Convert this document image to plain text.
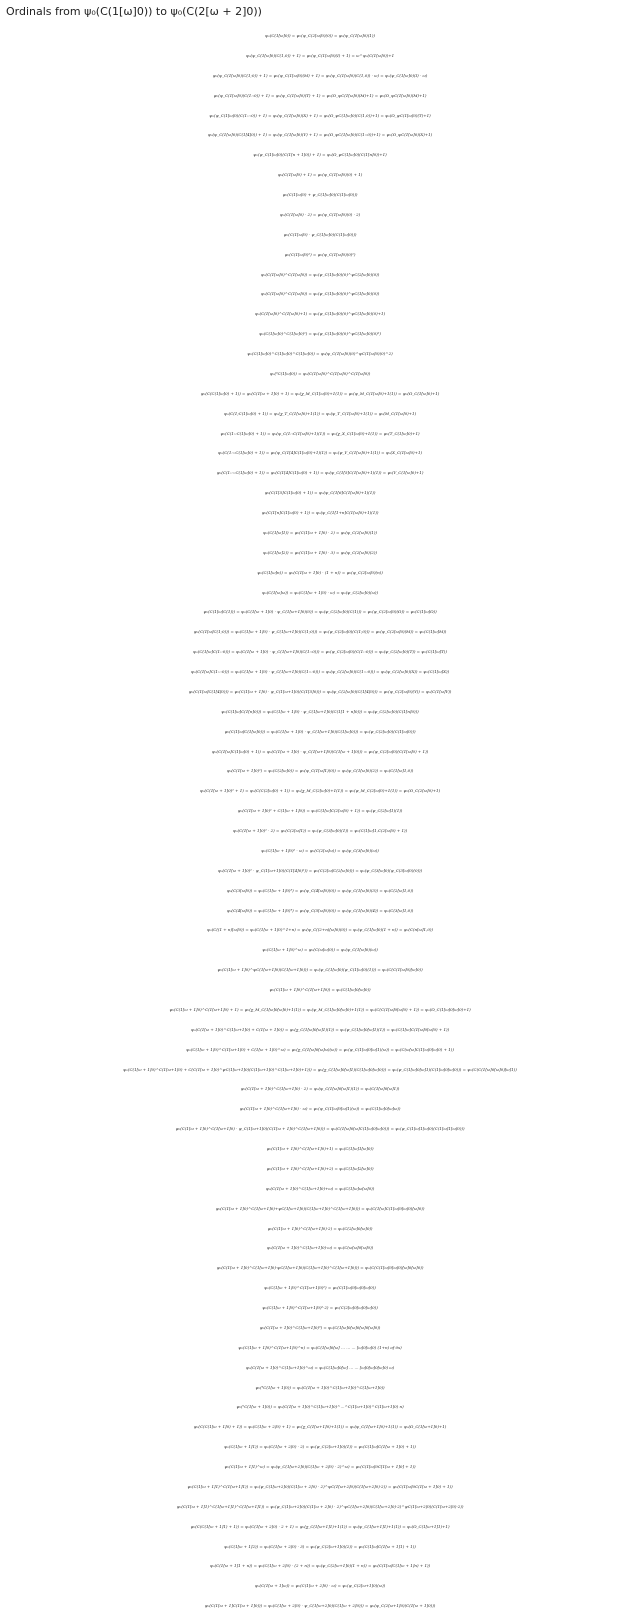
Ordinals from ψ₀(C(1[ω]0)) to ψ₀(C(2[ω + 2]0))
ψ₀(C(1[ω]0)) = ψ₀(ψ_C(2[ω]0)(0)) = ψ₀(ψ_C(1[ω]0)(1))
ψ₀(ψ_C(1[ω]0)(C(1,0)) + 1) = ψ₀(ψ_C(1[ω]0)(I) + 1) = ω^ψ₀(C(1[ω]0))+1
ψ₀(ψ_C(1[ω]0)(C(1;0)) + 1) = ψ₀(ψ_C(1[ω]0)(M) + 1) = ψ₀(ψ_C(1[ω]0)(C(1,0)) · ω) = ψ₀(ψ_C(1[ω]0)(I) · ω)
ψ₀(ψ_C(1[ω]0)(C(1::0)) + 1) = ψ₀(ψ_C(1[ω]0)(T) + 1) = ψ₀(Ω_ψC(1[ω]0)(M)+1) = ψ₀(Ω_ψC(1[ω]0)(M)+1)
ψ₀(ψ_C(1[ω]0)(C(1:::0)) + 1) = ψ₀(ψ_C(1[ω]0)(X) + 1) = ψ₀(Ω_ψC(1[ω]0)(C(1,0))+1) = ψ₀(Ω_ψC(1[ω]0)(T)+1)
ψ₀(ψ_C(1[ω]0)(C(1[4]0)) + 1) = ψ₀(ψ_C(1[ω]0)(Y) + 1) = ψ₀(Ω_ψC(1[ω]0)(C(1::0))+1) = ψ₀(Ω_ψC(1[ω]0)(X)+1)
ψ₀(ψ_C(1[ω]0)(C(1[n + 1]0)) + 1) = ψ₀(Ω_ψC(1[ω]0)(C(1[n]0))+1)
ψ₀(C(1[ω]0) + 1) = ψ₀(ψ_C(1[ω]0)(0) + 1)
ψ₀(C(1[ω]0) + ψ_C(1[ω]0)(C(1[ω]0)))
ψ₀(C(1[ω]0) · 2) = ψ₀(ψ_C(1[ω]0)(0) · 2)
ψ₀(C(1[ω]0) · ψ_C(1[ω]0)(C(1[ω]0)))
ψ₀(C(1[ω]0)²) = ψ₀(ψ_C(1[ω]0)(0)²)
ψ₀(C(1[ω]0)^C(1[ω]0)) = ψ₀(ψ_C(1[ω]0)(0)^ψC(2[ω]0)(0))
ψ₀(C(1[ω]0)^C(1[ω]0)) = ψ₀(ψ_C(1[ω]0)(0)^ψC(1[ω]0)(0))
ψ₀(C(1[ω]0)^C(1[ω]0)+1) = ψ₀(ψ_C(1[ω]0)(0)^ψC(1[ω]0)(0)+1)
ψ₀(C(1[ω]0)^C(1[ω]0)²) = ψ₀(ψ_C(1[ω]0)(0)^ψC(1[ω]0)(0)²)
ψ₀(C(1[ω]0)^C(1[ω]0)^C(1[ω]0)) = ψ₀(ψ_C(1[ω]0)(0)^ψC(1[ω]0)(0)^2)
ψ₀(³C(1[ω]0)) = ψ₀(C(1[ω]0)^C(1[ω]0)^C(1[ω]0))
ψ₀(C(C(1[ω]0) + 1)) = ψ₀(C(1[ω + 1]0) + 1) = ψ₀(χ_M_C(1[ω]0)+1(1)) = ψ₀(ψ_M_C(1[ω]0)+1(1)) = ψ₀(Ω_C(1[ω]0)+1)
ψ₀(C(1;C(1[ω]0) + 1)) = ψ₀(χ_T_C(1[ω]0)+1(1)) = ψ₀(ψ_T_C(1[ω]0)+1(1)) = ψ₀(M_C(1[ω]0)+1)
ψ₀(C(1::C(1[ω]0) + 1)) = ψ₀(ψ_C(1::C(1[ω]0)+1)(1)) = ψ₀(χ_X_C(1[ω]0)+1(1)) = ψ₀(T_C(1[ω]0)+1)
ψ₀(C(1:::C(1[ω]0) + 1)) = ψ₀(ψ_C(1[4]C(1[ω]0)+1)(1)) = ψ₀(ψ_Y_C(1[ω]0)+1(1)) = ψ₀(X_C(1[ω]0)+1)
ψ₀(C(1::::C(1[ω]0) + 1)) = ψ₀(C(1[4]C(1[ω]0) + 1)) = ψ₀(ψ_C(1[5]C(1[ω]0)+1)(1)) = ψ₀(Y_C(1[ω]0)+1)
ψ₀(C(1[5]C(1[ω]0) + 1)) = ψ₀(ψ_C(1[6]C(1[ω]0)+1)(1))
ψ₀(C(1[n]C(1[ω]0) + 1)) = ψ₀(ψ_C(1[1+n]C(1[ω]0)+1)(1))
ψ₀(C(1[ω]1)) = ψ₀(C(1[ω + 1]0) · 2) = ψ₀(ψ_C(2[ω]0)(1))
ψ₀(C(1[ω]2)) = ψ₀(C(1[ω + 1]0) · 3) = ψ₀(ψ_C(2[ω]0)(2))
ψ₀(C(1[ω]n)) = ψ₀(C(1[ω + 1]0) · (1 + n)) = ψ₀(ψ_C(2[ω]0)(n))
ψ₀(C(1[ω]ω)) = ψ₀(C(1[ω + 1]0) · ω) = ψ₀(ψ_C(2[ω]0)(ω))
ψ₀(C(1[ω]C(1))) = ψ₀(C(1[ω + 1]0) · ψ_C(1[ω+1]0)(0)) = ψ₀(ψ_C(2[ω]0)(C(1))) = ψ₀(ψ_C(2[ω]0)(Ω)) = ψ₀(C(1[ω]Ω))
ψ₀(C(1[ω]C(1;0))) = ψ₀(C(1[ω + 1]0) · ψ_C(1[ω+1]0)(C(1;0))) = ψ₀(ψ_C(2[ω]0)(C(1;0))) = ψ₀(ψ_C(2[ω]0)(M)) = ψ₀(C(1[ω]M))
ψ₀(C(1[ω]C(1::0))) = ψ₀(C(1[ω + 1]0) · ψ_C(1[ω+1]0)(C(1::0))) = ψ₀(ψ_C(2[ω]0)(C(1::0))) = ψ₀(ψ_C(2[ω]0)(T)) = ψ₀(C(1[ω]T))
ψ₀(C(1[ω]C(1:::0))) = ψ₀(C(1[ω + 1]0) · ψ_C(1[ω+1]0)(C(1:::0))) = ψ₀(ψ_C(2[ω]0)(C(1:::0))) = ψ₀(ψ_C(2[ω]0)(X)) = ψ₀(C(1[ω]X))
ψ₀(C(1[ω]C(1[4]0))) = ψ₀(C(1[ω + 1]0) · ψ_C(1[ω+1]0)(C(1[5]0))) = ψ₀(ψ_C(2[ω]0)(C(1[4]0))) = ψ₀(ψ_C(2[ω]0)(Y)) = ψ₀(C(1[ω]Y))
ψ₀(C(1[ω]C(1[n]0))) = ψ₀(C(1[ω + 1]0) · ψ_C(1[ω+1]0)(C(1[1 + n]0))) = ψ₀(ψ_C(2[ω]0)(C(1[n]0)))
ψ₀(C(1[ω]C(1[ω]0))) = ψ₀(C(1[ω + 1]0) · ψ_C(1[ω+1]0)(C(1[ω]0))) = ψ₀(ψ_C(2[ω]0)(C(1[ω]0)))
ψ₀(C(1[ω]C(1[ω]0) + 1)) = ψ₀(C(1[ω + 1]0) · ψ_C(1[ω+1]0)(C(1[ω + 1]0))) = ψ₀(ψ_C(2[ω]0)(C(1[ω]0) + 1))
ψ₀(C(1[ω + 1]0)²) = ψ₀(C(2[ω]0)) = ψ₀(ψ_C(1[ω]1)(0)) = ψ₀(ψ_C(1[ω]0)(2)) = ψ₀(C(1[ω]1,0))
ψ₀(C(1[ω + 1]0)² + 1) = ψ₀(C(C(2[ω]0) + 1)) = ψ₀(χ_M_C(2[ω]0)+1(1)) = ψ₀(ψ_M_C(2[ω]0)+1(1)) = ψ₀(Ω_C(2[ω]0)+1)
ψ₀(C(1[ω + 1]0)² + C(1[ω + 1]0)) = ψ₀(C(1[ω]C(2[ω]0) + 1)) = ψ₀(ψ_C(2[ω]1)(1))
ψ₀(C(1[ω + 1]0)² · 2) = ψ₀(C(2[ω]1)) = ψ₀(ψ_C(3[ω]0)(1)) = ψ₀(C(1[ω]1,C(2[ω]0) + 1))
ψ₀(C(1[ω + 1]0)² · ω) = ψ₀(C(2[ω]ω)) = ψ₀(ψ_C(3[ω]0)(ω))
ψ₀(C(1[ω + 1]0)² · ψ_C(1[ω+1]0)(C(1[4]0)²)) = ψ₀(C(2[ω]C(2[ω]0))) = ψ₀(ψ_C(3[ω]0)(ψ_C(3[ω]0)(0)))
ψ₀(C(3[ω]0)) = ψ₀(C(1[ω + 1]0)³) = ψ₀(ψ_C(4[ω]0)(0)) = ψ₀(ψ_C(1[ω]0)(3)) = ψ₀(C(2[ω]1,0))
ψ₀(C(4[ω]0)) = ψ₀(C(1[ω + 1]0)⁴) = ψ₀(ψ_C(5[ω]0)(0)) = ψ₀(ψ_C(1[ω]0)(4)) = ψ₀(C(3[ω]1,0))
ψ₀(C((1 + n)[ω]0)) = ψ₀(C(1[ω + 1]0)^1+n) = ψ₀(ψ_C((2+n)[ω]0)(0)) = ψ₀(ψ_C(1[ω]0)(1 + n)) = ψ₀(C(n[ω]1,0))
ψ₀(C(1[ω + 1]0)^ω) = ψ₀(C(ω[ω]0)) = ψ₀(ψ_C(1[ω]0)(ω))
ψ₀(C(1[ω + 1]0)^ψC(1[ω+1]0)(C(1[ω+1]0))) = ψ₀(ψ_C(1[ω]0)(ψ_C(1[ω]0)(1))) = ψ₀(C(C(1[ω]0)[ω]0))
ψ₀(C(1[ω + 1]0)^C(1[ω+1]0)) = ψ₀(C(1[ω]0[ω]0))
ψ₀(C(1[ω + 1]0)^C(1[ω+1]0) + 1) = ψ₀(χ_M_C(1[ω]0[ω]0)+1(1)) = ψ₀(ψ_M_C(1[ω]0[ω]0)+1(1)) = ψ₀(C(C(1[ω]0[ω]0) + 1)) = ψ₀(Ω_C(1[ω]0[ω]0)+1)
ψ₀(C(1[ω + 1]0)^C(1[ω+1]0) + C(1[ω + 1]0)) = ψ₀(χ_C(1[ω]0[ω]1)(1)) = ψ₀(ψ_C(1[ω]0[ω]1)(1)) = ψ₀(C(1[ω]C(1[ω]0[ω]0) + 1))
ψ₀(C(1[ω + 1]0)^C(1[ω+1]0) + C(1[ω + 1]0)^ω) = ψ₀(χ_C(1[ω]0[ω]ω)(ω)) = ψ₀(ψ_C(1[ω]0[ω]1)(ω)) = ψ₀(C(ω[ω]C(1[ω]0[ω]0) + 1))
ψ₀(C(1[ω + 1]0)^C(1[ω+1]0) + C(C(1[ω + 1]0)^ψC(1[ω+1]0)(C(1[ω+1]0)^C(1[ω+1]0)+1))) = ψ₀(χ_C(1[ω]0[ω]1)(C(1[ω]0[ω]0))) = ψ₀(ψ_C(1[ω]0[ω]1)(C(1[ω]0[ω]0))) = ψ₀(C(C(1[ω]0[ω]0)[ω]1))
ψ₀(C(1[ω + 1]0)^C(1[ω+1]0) · 2) = ψ₀(ψ_C(1[ω]0[ω]1)(1)) = ψ₀(C(1[ω]0[ω]1))
ψ₀(C(1[ω + 1]0)^C(1[ω+1]0) · ω) = ψ₀(ψ_C(1[ω]0[ω]1)(ω)) = ψ₀(C(1[ω]0[ω]ω))
ψ₀(C(1[ω + 1]0)^C(1[ω+1]0) · ψ_C(1[ω+1]0)(C(1[ω + 1]0)^C(1[ω+1]0))) = ψ₀(C(1[ω]0[ω]C(1[ω]0[ω]0))) = ψ₀(ψ_C(1[ω]1[ω]0)(C(1[ω]1[ω]0)))
ψ₀(C(1[ω + 1]0)^C(1[ω+1]0)+1) = ψ₀(C(1[ω]1[ω]0))
ψ₀(C(1[ω + 1]0)^C(1[ω+1]0)+2) = ψ₀(C(1[ω]2[ω]0))
ψ₀(C(1[ω + 1]0)^C(1[ω+1]0)+ω) = ψ₀(C(1[ω]ω[ω]0))
ψ₀(C(1[ω + 1]0)^C(1[ω+1]0)+ψC(1[ω+1]0)(C(1[ω+1]0)^C(1[ω+1]0))) = ψ₀(C(1[ω]C(1[ω]0[ω]0)[ω]0))
ψ₀(C(1[ω + 1]0)^C(1[ω+1]0)·2) = ψ₀(C(2[ω]0[ω]0))
ψ₀(C(1[ω + 1]0)^C(1[ω+1]0)·ω) = ψ₀(C(ω[ω]0[ω]0))
ψ₀(C(1[ω + 1]0)^C(1[ω+1]0)·ψC(1[ω+1]0)(C(1[ω+1]0)^C(1[ω+1]0))) = ψ₀(C(C(1[ω]0[ω]0)[ω]0[ω]0))
ψ₀(C(1[ω + 1]0)^C(1[ω+1]0)²) = ψ₀(C(1[ω]0[ω]0[ω]0))
ψ₀(C(1[ω + 1]0)^C(1[ω+1]0)²·2) = ψ₀(C(2[ω]0[ω]0[ω]0))
ψ₀(C(1[ω + 1]0)^C(1[ω+1]0)³) = ψ₀(C(1[ω]0[ω]0[ω]0[ω]0))
ψ₀(C(1[ω + 1]0)^C(1[ω+1]0)^n) = ψ₀(C(1[ω]0[ω] … … … [ω]0[ω]0) (1+n) of 0s)
ψ₀(C(1[ω + 1]0)^C(1[ω+1]0)^ω) = ψ₀(C(1[ω]0[ω] … … [ω]0[ω]0[ω]0) ω)
ψ₀(³C(1[ω + 1]0)) = ψ₀(C(1[ω + 1]0)^C(1[ω+1]0)^C(1[ω+1]0))
ψ₀(ⁿC(1[ω + 1]0)) = ψ₀(C(1[ω + 1]0)^C(1[ω+1]0)^…^C(1[ω+1]0)^C(1[ω+1]0) n)
ψ₀(C(C(1[ω + 1]0) + 1)) = ψ₀(C(1[ω + 2]0) + 1) = ψ₀(χ_C(1[ω+1]0)+1(1)) = ψ₀(ψ_C(1[ω+1]0)+1(1)) = ψ₀(Ω_C(1[ω+1]0)+1)
ψ₀(C(1[ω + 1]1)) = ψ₀(C(1[ω + 2]0) · 2) = ψ₀(ψ_C(2[ω+1]0)(1)) = ψ₀(C(1[ω]C(1[ω + 1]0) + 1))
ψ₀(C(1[ω + 1]1)^ω) = ψ₀(ψ_C(1[ω+2]0)(C(1[ω + 2]0) · 2)^ω) = ψ₀(C(1[ω]0C[1[ω + 1]0] + 1))
ψ₀(C(1[ω + 1]1)^C(1[ω+1]1)) = ψ₀(ψ_C(1[ω+2]0)(C(1[ω + 2]0) · 2)^ψC(1[ω+2]0)(C(1[ω+2]0)·2)) = ψ₀(C(1[ω]0C(1[ω + 1]0) + 1))
ψ₀(C(1[ω + 1]1)^C(1[ω+1]1)^C(1[ω+1]1)) = ψ₀(ψ_C(1[ω+2]0)(C(1[ω + 2]0) · 2)^ψC(1[ω+2]0)(C(1[ω+2]0)·2)^ψC(1[ω+2]0)(C(1[ω+2]0)·2))
ψ₀(C(C(1[ω + 1]1) + 1)) = ψ₀(C(1[ω + 2]0) · 2 + 1) = ψ₀(χ_C(1[ω+1]1)+1(1)) = ψ₀(ψ_C(1[ω+1]1)+1(1)) = ψ₀(Ω_C(1[ω+1]1)+1)
ψ₀(C(1[ω + 1]2)) = ψ₀(C(1[ω + 2]0) · 3) = ψ₀(ψ_C(2[ω+1]0)(2)) = ψ₀(C(1[ω]C(1[ω + 1]1) + 1))
ψ₀(C(1[ω + 1]1 + n)) = ψ₀(C(1[ω + 2]0) · (2 + n)) = ψ₀(ψ_C(2[ω+1]0)(1 + n)) = ψ₀(C(1[ω]C(1[ω + 1]n) + 1))
ψ₀(C(1[ω + 1]ω)) = ψ₀(C(1[ω + 2]0) · ω) = ψ₀(ψ_C(2[ω+1]0)(ω))
ψ₀(C(1[ω + 1]C(1[ω + 1]0))) = ψ₀(C(1[ω + 2]0) · ψ_C(1[ω+2]0)(C(1[ω + 2]0))) = ψ₀(ψ_C(2[ω+1]0)(C(1[ω + 1]0)))
